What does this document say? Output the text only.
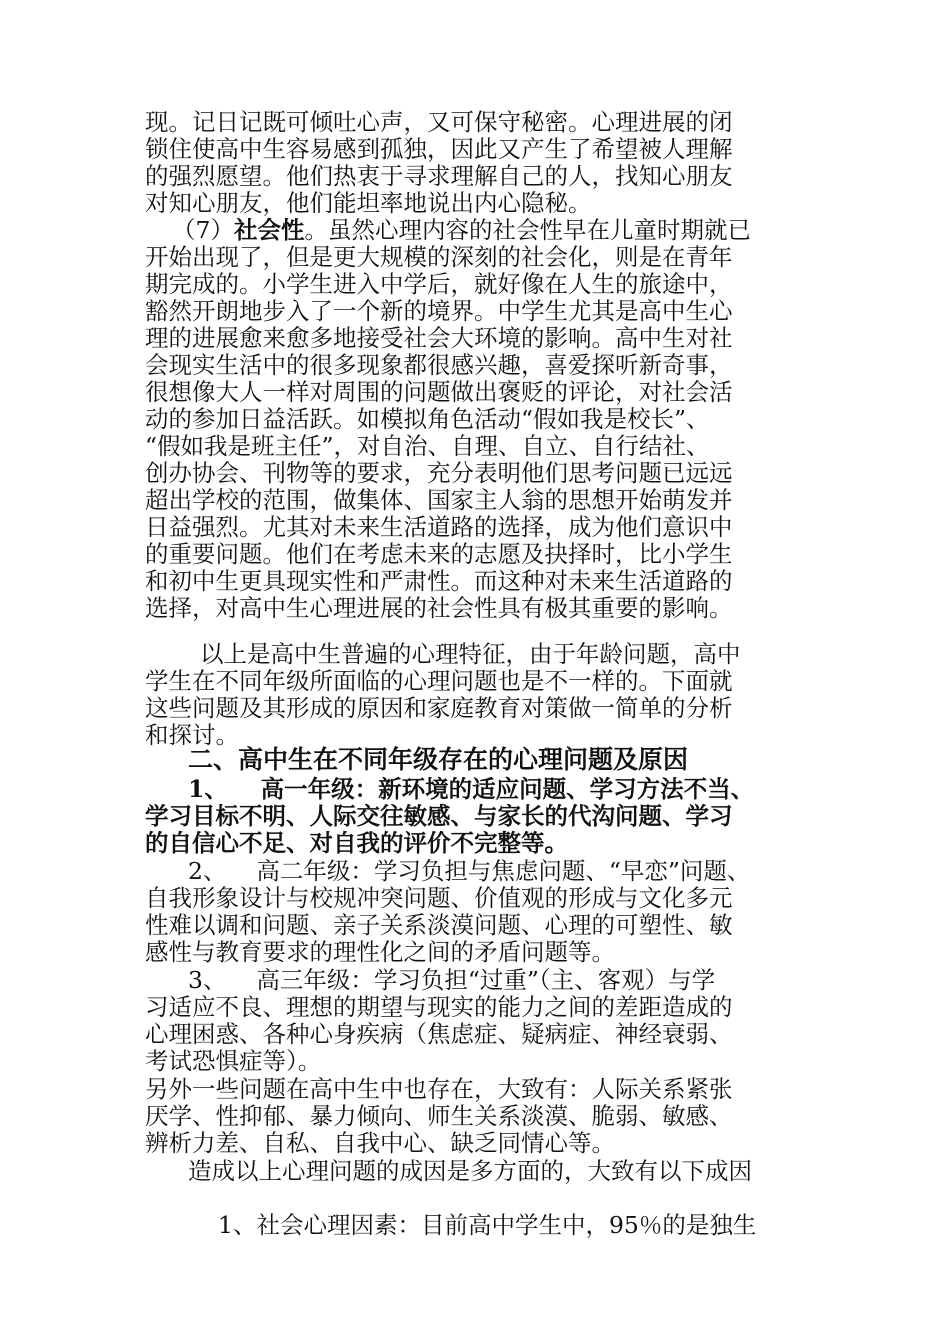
现。记日记既可倾吐心声，又可保守秘密。心理进展的闭
锁住使高中生容易感到孤独，因此又产生了希望被人理解
的强烈愿望。他们热衷于寻求理解自己的人，找知心朋友
对知心朋友，他们能坦率地说出内心隐秘。
（7）社会性。虽然心理内容的社会性早在儿童时期就已
开始出现了，但是更大规模的深刻的社会化，则是在青年
期完成的。小学生进入中学后，就好像在人生的旅途中，
豁然开朗地步入了一个新的境界。中学生尤其是高中生心
理的进展愈来愈多地接受社会大环境的影响。高中生对社
会现实生活中的很多现象都很感兴趣，喜爱探听新奇事，
很想像大人一样对周围的问题做出褒贬的评论，对社会活
动的参加日益活跃。如模拟角色活动“假如我是校长”、
“假如我是班主任”，对自治、自理、自立、自行结社、
创办协会、刊物等的要求，充分表明他们思考问题已远远
超出学校的范围，做集体、国家主人翁的思想开始萌发并
日益强烈。尤其对未来生活道路的选择，成为他们意识中
的重要问题。他们在考虑未来的志愿及抉择时，比小学生
和初中生更具现实性和严肃性。而这种对未来生活道路的
选择，对高中生心理进展的社会性具有极其重要的影响。
以上是高中生普遍的心理特征，由于年龄问题，高中
学生在不同年级所面临的心理问题也是不一样的。下面就
这些问题及其形成的原因和家庭教育对策做一简单的分析
和探讨。
二、高中生在不同年级存在的心理问题及原因
1、    高一年级：新环境的适应问题、学习方法不当、
学习目标不明、人际交往敏感、与家长的代沟问题、学习
的自信心不足、对自我的评价不完整等。
2、    高二年级：学习负担与焦虑问题、“早恋”问题、
自我形象设计与校规冲突问题、价值观的形成与文化多元
性难以调和问题、亲子关系淡漠问题、心理的可塑性、敏
感性与教育要求的理性化之间的矛盾问题等。
3、    高三年级：学习负担“过重”（主、客观）与学
习适应不良、理想的期望与现实的能力之间的差距造成的
心理困惑、各种心身疾病（焦虑症、疑病症、神经衰弱、
考试恐惧症等）。
另外一些问题在高中生中也存在，大致有：人际关系紧张
厌学、性抑郁、暴力倾向、师生关系淡漠、脆弱、敏感、
辨析力差、自私、自我中心、缺乏同情心等。
造成以上心理问题的成因是多方面的，大致有以下成因
1、社会心理因素：目前高中学生中，95％的是独生
